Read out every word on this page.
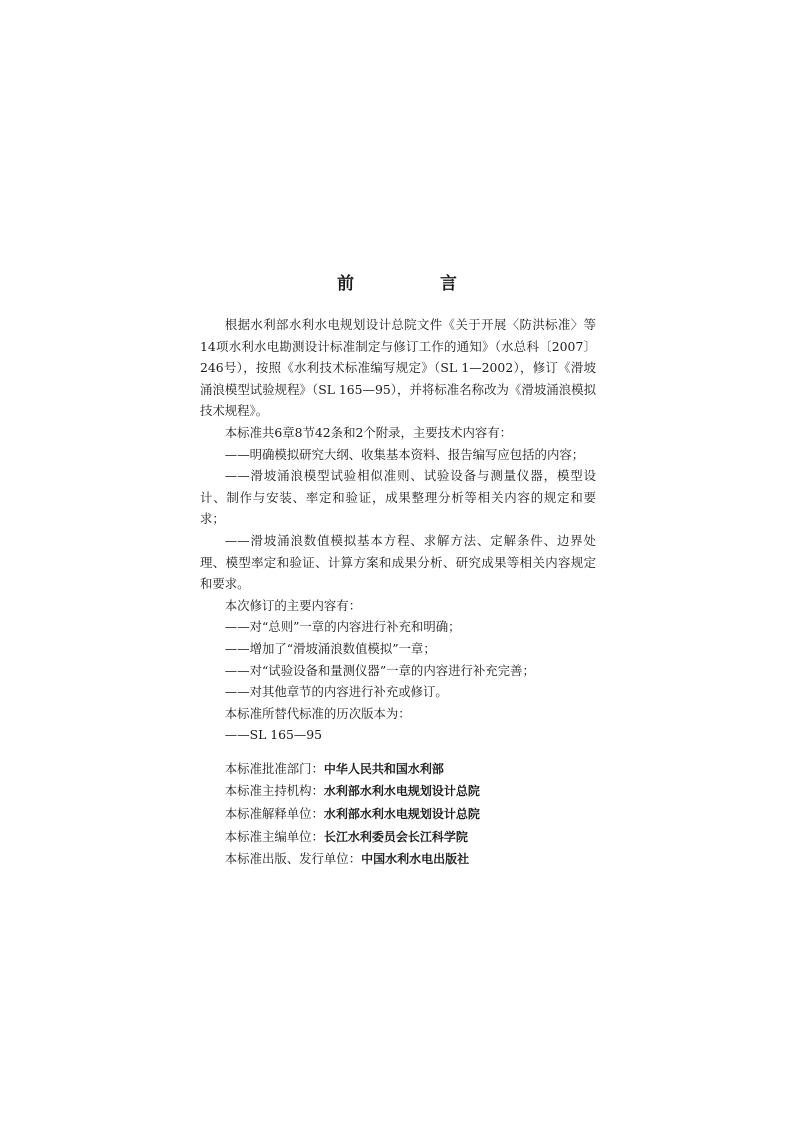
前 言

根据水利部水利水电规划设计总院文件《关于开展〈防洪标准〉等14项水利水电勘测设计标准制定与修订工作的通知》（水总科〔2007〕246号），按照《水利技术标准编写规定》（SL 1—2002），修订《滑坡涌浪模型试验规程》（SL 165—95），并将标准名称改为《滑坡涌浪模拟技术规程》。

本标准共6章8节42条和2个附录，主要技术内容有：

——明确模拟研究大纲、收集基本资料、报告编写应包括的内容；

——滑坡涌浪模型试验相似准则、试验设备与测量仪器，模型设计、制作与安装、率定和验证，成果整理分析等相关内容的规定和要求；

——滑坡涌浪数值模拟基本方程、求解方法、定解条件、边界处理、模型率定和验证、计算方案和成果分析、研究成果等相关内容规定和要求。

本次修订的主要内容有：

——对“总则”一章的内容进行补充和明确；

——增加了“滑坡涌浪数值模拟”一章；

——对“试验设备和量测仪器”一章的内容进行补充完善；

——对其他章节的内容进行补充或修订。

本标准所替代标准的历次版本为：

——SL 165—95

本标准批准部门：中华人民共和国水利部

本标准主持机构：水利部水利水电规划设计总院

本标准解释单位：水利部水利水电规划设计总院

本标准主编单位：长江水利委员会长江科学院

本标准出版、发行单位：中国水利水电出版社
